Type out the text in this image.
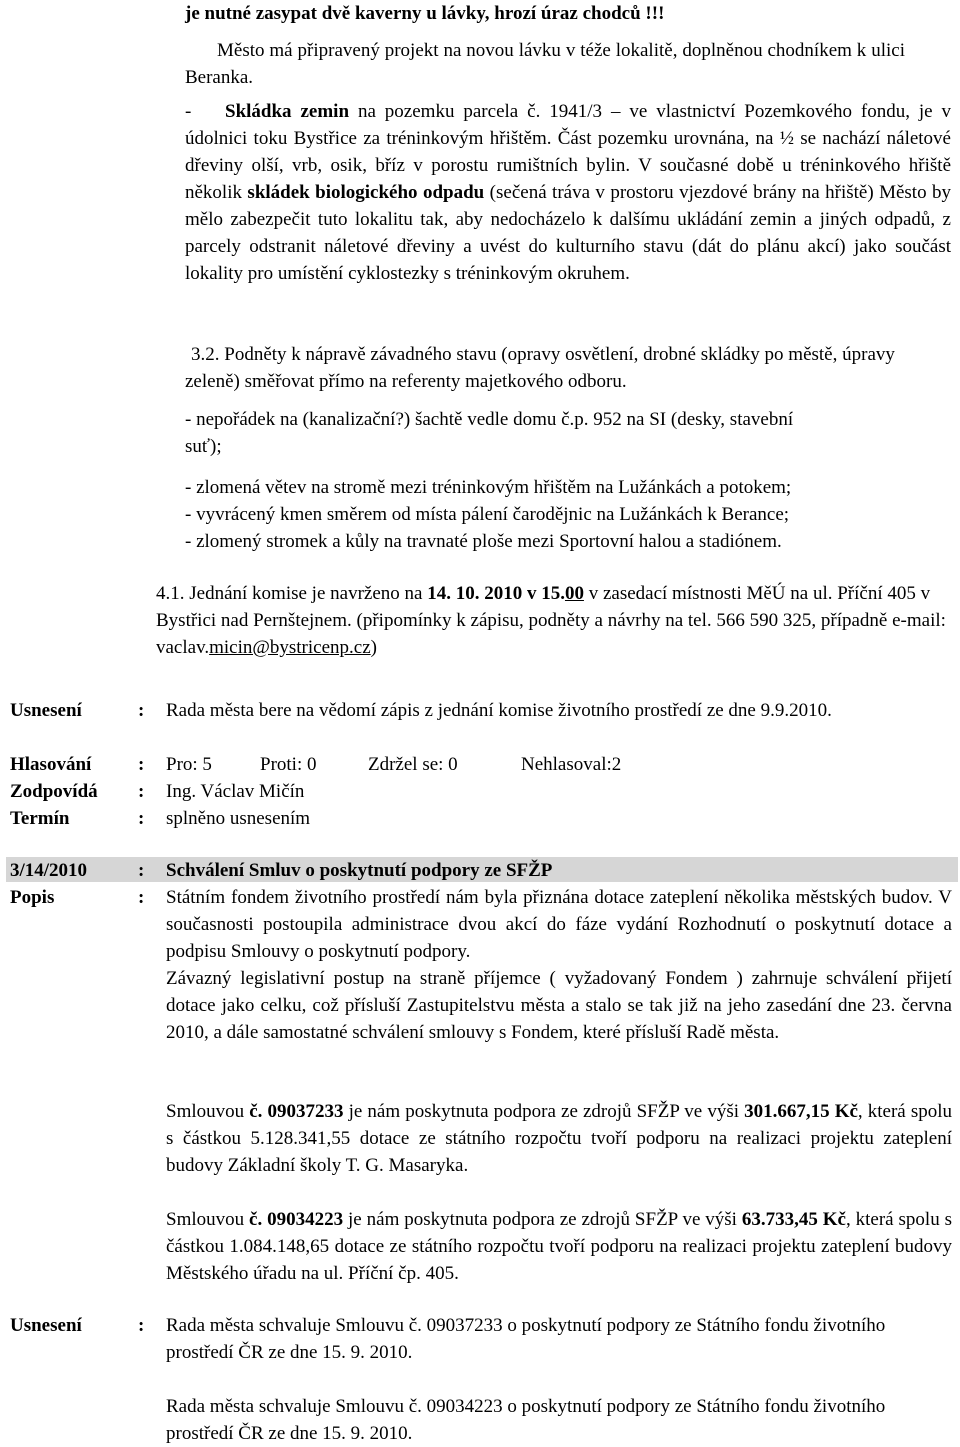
je nutné zasypat dvě kaverny u lávky, hrozí úraz chodců !!!
Město má připravený projekt na novou lávku v téže lokalitě, doplněnou chodníkem k ulici Beranka.
- Skládka zemin na pozemku parcela č. 1941/3 – ve vlastnictví Pozemkového fondu, je v údolnici toku Bystřice za tréninkovým hřištěm. Část pozemku urovnána, na ½ se nachází náletové dřeviny olší, vrb, osik, bříz v porostu rumištních bylin. V současné době u tréninkového hřiště několik skládek biologického odpadu (sečená tráva v prostoru vjezdové brány na hřiště) Město by mělo zabezpečit tuto lokalitu tak, aby nedocházelo k dalšímu ukládání zemin a jiných odpadů, z parcely odstranit náletové dřeviny a uvést do kulturního stavu (dát do plánu akcí) jako součást lokality pro umístění cyklostezky s tréninkovým okruhem.
3.2. Podněty k nápravě závadného stavu (opravy osvětlení, drobné skládky po městě, úpravy zeleně) směřovat přímo na referenty majetkového odboru.
- nepořádek na (kanalizační?) šachtě vedle domu č.p. 952 na SI (desky, stavební suť);
- zlomená větev na stromě mezi tréninkovým hřištěm na Lužánkách a potokem;
- vyvrácený kmen směrem od místa pálení čarodějnic na Lužánkách k Berance;
- zlomený stromek a kůly na travnaté ploše mezi Sportovní halou a stadiónem.
4.1. Jednání komise je navrženo na 14. 10. 2010 v 15.00 v zasedací místnosti MěÚ na ul. Příční 405 v Bystřici nad Pernštejnem. (připomínky k zápisu, podněty a návrhy na tel. 566 590 325, případně e-mail: vaclav.micin@bystricenp.cz)
Usnesení	: Rada města bere na vědomí zápis z jednání komise životního prostředí ze dne 9.9.2010.
Hlasování : Pro: 5	Proti: 0	Zdržel se: 0	Nehlasoval:2
Zodpovídá : Ing. Václav Mičín
Termín	: splněno usnesením
3/14/2010	: Schválení Smluv o poskytnutí podpory ze SFŽP
Popis	: Státním fondem životního prostředí nám byla přiznána dotace zateplení několika městských budov. V současnosti postoupila administrace dvou akcí do fáze vydání Rozhodnutí o poskytnutí dotace a podpisu Smlouvy o poskytnutí podpory.
Závazný legislativní postup na straně příjemce ( vyžadovaný Fondem ) zahrnuje schválení přijetí dotace jako celku, což přísluší Zastupitelstvu města a stalo se tak již na jeho zasedání dne 23. června 2010, a dále samostatné schválení smlouvy s Fondem, které přísluší Radě města.
Smlouvou č. 09037233 je nám poskytnuta podpora ze zdrojů SFŽP ve výši 301.667,15 Kč, která spolu s částkou 5.128.341,55 dotace ze státního rozpočtu tvoří podporu na realizaci projektu zateplení budovy Základní školy T. G. Masaryka.
Smlouvou č. 09034223 je nám poskytnuta podpora ze zdrojů SFŽP ve výši 63.733,45 Kč, která spolu s částkou 1.084.148,65 dotace ze státního rozpočtu tvoří podporu na realizaci projektu zateplení budovy Městského úřadu na ul. Příční čp. 405.
Usnesení	: Rada města schvaluje Smlouvu č. 09037233 o poskytnutí podpory ze Státního fondu životního prostředí ČR ze dne 15. 9. 2010.
Rada města schvaluje Smlouvu č. 09034223 o poskytnutí podpory ze Státního fondu životního prostředí ČR ze dne 15. 9. 2010.
